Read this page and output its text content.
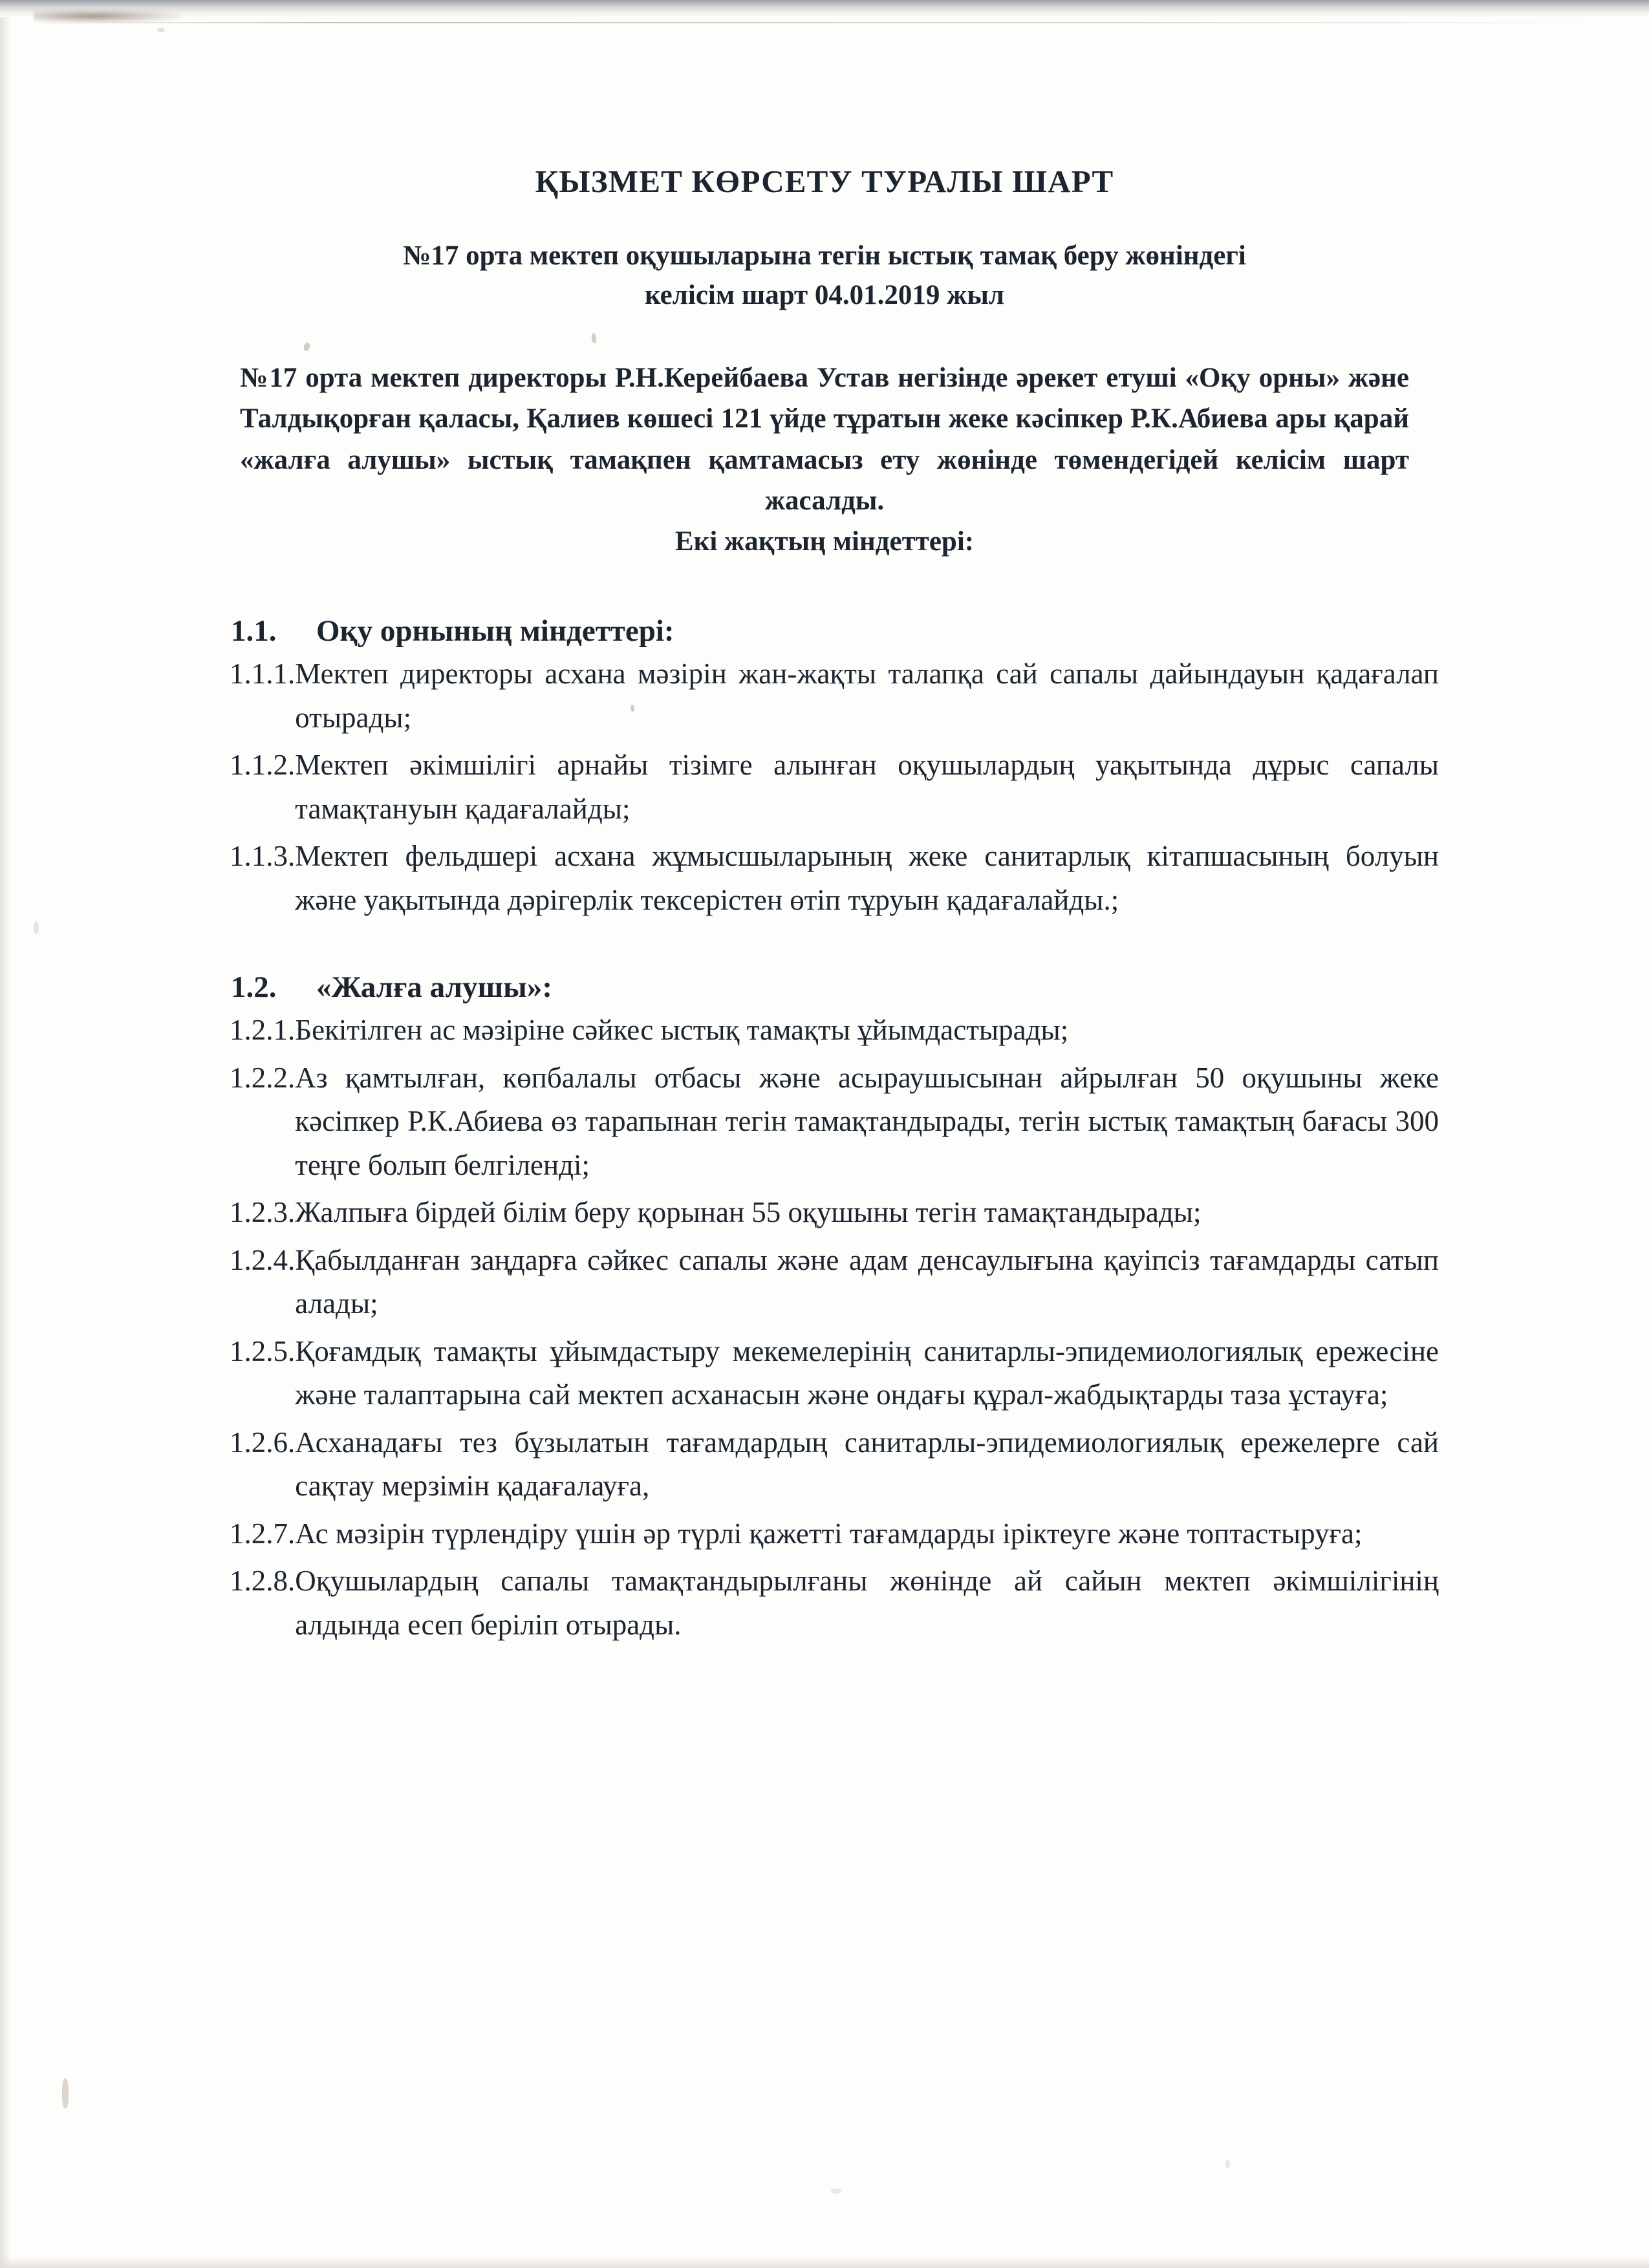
ҚЫЗМЕТ КӨРСЕТУ ТУРАЛЫ ШАРТ
№17 орта мектеп оқушыларына тегін ыстық тамақ беру жөніндегі
келісім шарт 04.01.2019 жыл
№17 орта мектеп директоры Р.Н.Керейбаева Устав негізінде әрекет етуші «Оқу орны» және Талдықорған қаласы, Қалиев көшесі 121 үйде тұратын жеке кәсіпкер Р.К.Абиева ары қарай «жалға алушы» ыстық тамақпен қамтамасыз ету жөнінде төмендегідей келісім шарт жасалды.
Екі жақтың міндеттері:
1.1.	Оқу орнының міндеттері:
1.1.1. Мектеп директоры асхана мәзірін жан-жақты талапқа сай сапалы дайындауын қадағалап отырады;
1.1.2. Мектеп әкімшілігі арнайы тізімге алынған оқушылардың уақытында дұрыс сапалы тамақтануын қадағалайды;
1.1.3. Мектеп фельдшері асхана жұмысшыларының жеке санитарлық кітапшасының болуын және уақытында дәрігерлік тексерістен өтіп тұруын қадағалайды.;
1.2.	«Жалға алушы»:
1.2.1. Бекітілген ас мәзіріне сәйкес ыстық тамақты ұйымдастырады;
1.2.2. Аз қамтылған, көпбалалы отбасы және асыраушысынан айрылған 50 оқушыны жеке кәсіпкер Р.К.Абиева өз тарапынан тегін тамақтандырады, тегін ыстық тамақтың бағасы 300 теңге болып белгіленді;
1.2.3. Жалпыға бірдей білім беру қорынан 55 оқушыны тегін тамақтандырады;
1.2.4. Қабылданған заңдарға сәйкес сапалы және адам денсаулығына қауіпсіз тағамдарды сатып алады;
1.2.5. Қоғамдық тамақты ұйымдастыру мекемелерінің санитарлы-эпидемиологиялық ережесіне және талаптарына сай мектеп асханасын және ондағы құрал-жабдықтарды таза ұстауға;
1.2.6. Асханадағы тез бұзылатын тағамдардың санитарлы-эпидемиологиялық ережелерге сай сақтау мерзімін қадағалауға,
1.2.7. Ас мәзірін түрлендіру үшін әр түрлі қажетті тағамдарды іріктеуге және топтастыруға;
1.2.8. Оқушылардың сапалы тамақтандырылғаны жөнінде ай сайын мектеп әкімшілігінің алдында есеп беріліп отырады.
